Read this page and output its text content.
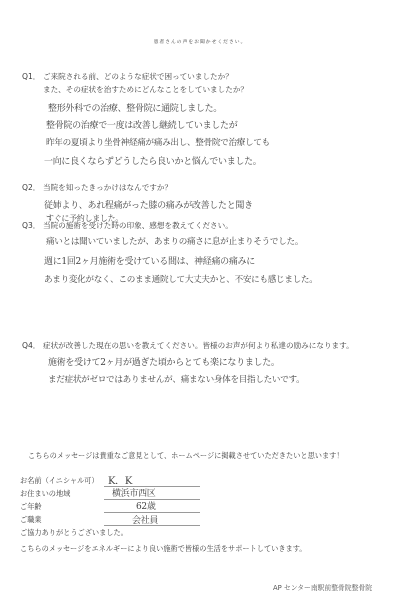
患者さんの声をお聞かせください。
Q1． ご来院される前、どのような症状で困っていましたか？
また、その症状を治すためにどんなことをしていましたか？
整形外科での治療、整骨院に通院しました。
整骨院の治療で一度は改善し継続していましたが
昨年の夏頃より坐骨神経痛が痛み出し、整骨院で治療しても
一向に良くならずどうしたら良いかと悩んでいました。
Q2． 当院を知ったきっかけはなんですか？
従姉より、あれ程痛がった膝の痛みが改善したと聞き
すぐに予約しました。
Q3． 当院の施術を受けた時の印象、感想を教えてください。
痛いとは聞いていましたが、あまりの痛さに息が止まりそうでした。
週に1回2ヶ月施術を受けている間は、神経痛の痛みに
あまり変化がなく、このまま通院して大丈夫かと、不安にも感じました。
Q4． 症状が改善した現在の思いを教えてください。皆様のお声が何より私達の励みになります。
施術を受けて2ヶ月が過ぎた頃からとても楽になりました。
まだ症状がゼロではありませんが、痛まない身体を目指したいです。
こちらのメッセージは貴重なご意見として、ホームページに掲載させていただきたいと思います！
お名前（イニシャル可） K．K
お住まいの地域	横浜市西区
ご年齢	62歳
ご職業	会社員
ご協力ありがとうございました。
こちらのメッセージをエネルギーにより良い施術で皆様の生活をサポートしていきます。
AP センター南駅前整骨院整骨院
